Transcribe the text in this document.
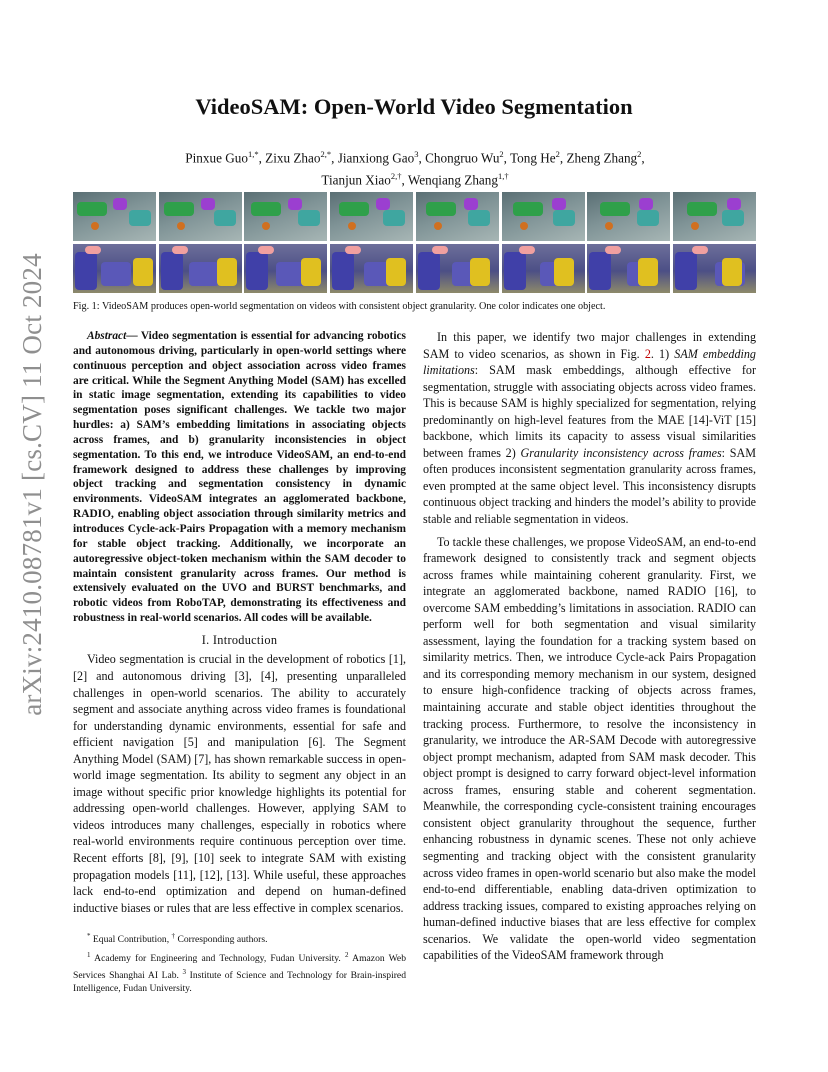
arXiv:2410.08781v1 [cs.CV] 11 Oct 2024
VideoSAM: Open-World Video Segmentation
Pinxue Guo$^{1,*}$, Zixu Zhao$^{2,*}$, Jianxiong Gao$^3$, Chongruo Wu$^2$, Tong He$^2$, Zheng Zhang$^2$,
Tianjun Xiao$^{2,\dagger}$, Wenqiang Zhang$^{1,\dagger}$
Fig. 1: VideoSAM produces open-world segmentation on videos with consistent object granularity. One color indicates one object.

Abstract— Video segmentation is essential for advancing robotics and autonomous driving, particularly in open-world settings where continuous perception and object association across video frames are critical. While the Segment Anything Model (SAM) has excelled in static image segmentation, extending its capabilities to video segmentation poses significant challenges. We tackle two major hurdles: a) SAM’s embedding limitations in associating objects across frames, and b) granularity inconsistencies in object segmentation. To this end, we introduce VideoSAM, an end-to-end framework designed to address these challenges by improving object tracking and segmentation consistency in dynamic environments. VideoSAM integrates an agglomerated backbone, RADIO, enabling object association through similarity metrics and introduces Cycle-ack-Pairs Propagation with a memory mechanism for stable object tracking. Additionally, we incorporate an autoregressive object-token mechanism within the SAM decoder to maintain consistent granularity across frames. Our method is extensively evaluated on the UVO and BURST benchmarks, and robotic videos from RoboTAP, demonstrating its effectiveness and robustness in real-world scenarios. All codes will be available.

I. Introduction

Video segmentation is crucial in the development of robotics [1], [2] and autonomous driving [3], [4], presenting unparalleled challenges in open-world scenarios. The ability to accurately segment and associate anything across video frames is foundational for understanding dynamic environments, essential for safe and efficient navigation [5] and manipulation [6]. The Segment Anything Model (SAM) [7], has shown remarkable success in open-world image segmentation. Its ability to segment any object in an image without specific prior knowledge highlights its potential for addressing open-world challenges. However, applying SAM to videos introduces many challenges, especially in robotics where real-world environments require continuous perception over time. Recent efforts [8], [9], [10] seek to integrate SAM with existing propagation models [11], [12], [13]. While useful, these approaches lack end-to-end optimization and depend on human-defined inductive biases or rules that are less effective in complex scenarios.

* Equal Contribution, † Corresponding authors.

$^1$ Academy for Engineering and Technology, Fudan University. $^2$ Amazon Web Services Shanghai AI Lab. $^3$ Institute of Science and Technology for Brain-inspired Intelligence, Fudan University.

In this paper, we identify two major challenges in extending SAM to video scenarios, as shown in Fig. 2. 1) SAM embedding limitations: SAM mask embeddings, although effective for segmentation, struggle with associating objects across video frames. This is because SAM is highly specialized for segmentation, relying predominantly on high-level features from the MAE [14]-ViT [15] backbone, which limits its capacity to assess visual similarities between frames 2) Granularity inconsistency across frames: SAM often produces inconsistent segmentation granularity across frames, even prompted at the same object level. This inconsistency disrupts continuous object tracking and hinders the model’s ability to provide stable and reliable segmentation in videos.

To tackle these challenges, we propose VideoSAM, an end-to-end framework designed to consistently track and segment objects across frames while maintaining coherent granularity. First, we integrate an agglomerated backbone, named RADIO [16], to overcome SAM embedding’s limitations in association. RADIO can perform well for both segmentation and visual similarity assessment, laying the foundation for a tracking system based on similarity metrics. Then, we introduce Cycle-ack Pairs Propagation and its corresponding memory mechanism in our system, designed to ensure high-confidence tracking of objects across frames, maintaining accurate and stable object identities throughout the tracking process. Furthermore, to resolve the inconsistency in granularity, we introduce the AR-SAM Decode with autoregressive object prompt mechanism, adapted from SAM mask decoder. This object prompt is designed to carry forward object-level information across frames, ensuring stable and coherent segmentation. Meanwhile, the corresponding cycle-consistent training encourages consistent object granularity throughout the sequence, further enhancing robustness in dynamic scenes. These not only achieve segmenting and tracking object with the consistent granularity across video frames in open-world scenario but also make the model end-to-end differentiable, enabling data-driven optimization to address tracking issues, compared to existing approaches relying on human-defined inductive biases that are less effective for complex scenarios. We validate the open-world video segmentation capabilities of the VideoSAM framework through
